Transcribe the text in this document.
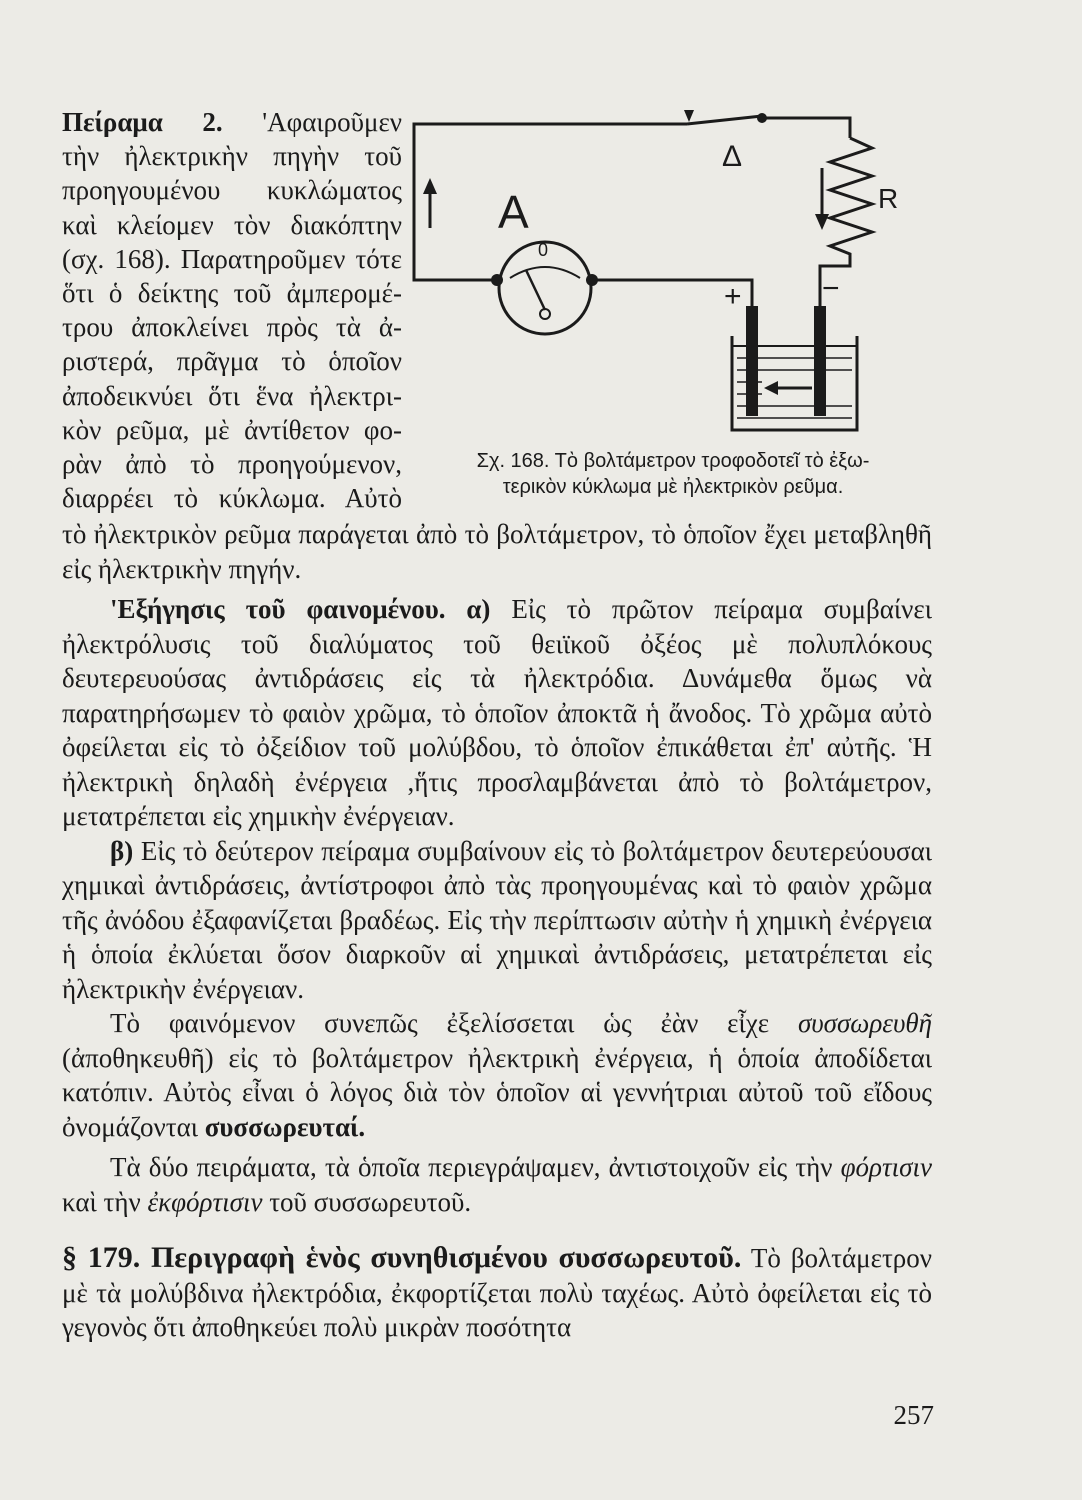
Πείραμα 2. 'Αφαιροῦμεν

τὴν ἠλεκτρικὴν πηγὴν τοῦ

προηγουμένου κυκλώματος

καὶ κλείομεν τὸν διακόπτην

(σχ. 168). Παρατηροῦμεν τότε

ὅτι ὁ δείκτης τοῦ ἀμπερομέ-

τρου ἀποκλείνει πρὸς τὰ ἀ-

ριστερά, πρᾶγμα τὸ ὁποῖον

ἀποδεικνύει ὅτι ἕνα ἠλεκτρι-

κὸν ρεῦμα, μὲ ἀντίθετον φο-

ρὰν ἀπὸ τὸ προηγούμενον,

διαρρέει τὸ κύκλωμα. Αὐτὸ

Δ
A
0
R
+	−
Σχ. 168. Τὸ βολτάμετρον τροφοδοτεῖ τὸ ἐξω-
τερικὸν κύκλωμα μὲ ἠλεκτρικὸν ρεῦμα.

τὸ ἠλεκτρικὸν ρεῦμα παράγεται ἀπὸ τὸ βολτάμετρον, τὸ ὁποῖον ἔχει μεταβληθῆ εἰς ἠλεκτρικὴν πηγήν.

'Εξήγησις τοῦ φαινομένου. α) Εἰς τὸ πρῶτον πείραμα συμβαίνει ἠλεκτρόλυσις τοῦ διαλύματος τοῦ θειϊκοῦ ὀξέος μὲ πολυπλόκους δευτερευούσας ἀντιδράσεις εἰς τὰ ἠλεκτρόδια. Δυνάμεθα ὅμως νὰ παρατηρήσωμεν τὸ φαιὸν χρῶμα, τὸ ὁποῖον ἀποκτᾶ ἡ ἄνοδος. Τὸ χρῶμα αὐτὸ ὀφείλεται εἰς τὸ ὀξείδιον τοῦ μολύβδου, τὸ ὁποῖον ἐπικάθεται ἐπ' αὐτῆς. Ἡ ἠλεκτρικὴ δηλαδὴ ἐνέργεια ,ἥτις προσλαμβάνεται ἀπὸ τὸ βολτάμετρον, μετατρέπεται εἰς χημικὴν ἐνέργειαν.

β) Εἰς τὸ δεύτερον πείραμα συμβαίνουν εἰς τὸ βολτάμετρον δευτερεύουσαι χημικαὶ ἀντιδράσεις, ἀντίστροφοι ἀπὸ τὰς προηγουμένας καὶ τὸ φαιὸν χρῶμα τῆς ἀνόδου ἐξαφανίζεται βραδέως. Εἰς τὴν περίπτωσιν αὐτὴν ἡ χημικὴ ἐνέργεια ἡ ὁποία ἐκλύεται ὅσον διαρκοῦν αἱ χημικαὶ ἀντιδράσεις, μετατρέπεται εἰς ἠλεκτρικὴν ἐνέργειαν.

Τὸ φαινόμενον συνεπῶς ἐξελίσσεται ὡς ἐὰν εἶχε συσσωρευθῆ (ἀποθηκευθῆ) εἰς τὸ βολτάμετρον ἠλεκτρικὴ ἐνέργεια, ἡ ὁποία ἀποδίδεται κατόπιν. Αὐτὸς εἶναι ὁ λόγος διὰ τὸν ὁποῖον αἱ γεννήτριαι αὐτοῦ τοῦ εἴδους ὀνομάζονται συσσωρευταί.

Τὰ δύο πειράματα, τὰ ὁποῖα περιεγράψαμεν, ἀντιστοιχοῦν εἰς τὴν φόρτισιν καὶ τὴν ἐκφόρτισιν τοῦ συσσωρευτοῦ.

§ 179. Περιγραφὴ ἑνὸς συνηθισμένου συσσωρευτοῦ. Τὸ βολτάμετρον μὲ τὰ μολύβδινα ἠλεκτρόδια, ἐκφορτίζεται πολὺ ταχέως. Αὐτὸ ὀφείλεται εἰς τὸ γεγονὸς ὅτι ἀποθηκεύει πολὺ μικρὰν ποσότητα

257
